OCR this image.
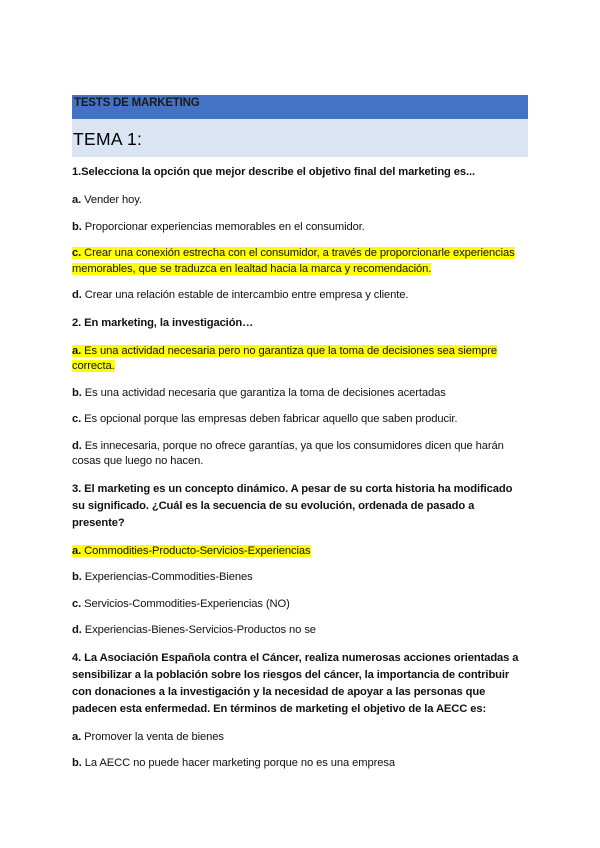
TESTS DE MARKETING
TEMA 1:
1.Selecciona la opción que mejor describe el objetivo final del marketing es...
a. Vender hoy.
b. Proporcionar experiencias memorables en el consumidor.
c. Crear una conexión estrecha con el consumidor, a través de proporcionarle experiencias memorables, que se traduzca en lealtad hacia la marca y recomendación.
d. Crear una relación estable de intercambio entre empresa y cliente.
2. En marketing, la investigación…
a. Es una actividad necesaria pero no garantiza que la toma de decisiones sea siempre correcta.
b. Es una actividad necesaria que garantiza la toma de decisiones acertadas
c. Es opcional porque las empresas deben fabricar aquello que saben producir.
d. Es innecesaria, porque no ofrece garantías, ya que los consumidores dicen que harán cosas que luego no hacen.
3. El marketing es un concepto dinámico. A pesar de su corta historia ha modificado su significado. ¿Cuál es la secuencia de su evolución, ordenada de pasado a presente?
a. Commodities-Producto-Servicios-Experiencias
b. Experiencias-Commodities-Bienes
c. Servicios-Commodities-Experiencias (NO)
d. Experiencias-Bienes-Servicios-Productos no se
4. La Asociación Española contra el Cáncer, realiza numerosas acciones orientadas a sensibilizar a la población sobre los riesgos del cáncer, la importancia de contribuir con donaciones a la investigación y la necesidad de apoyar a las personas que padecen esta enfermedad. En términos de marketing el objetivo de la AECC es:
a. Promover la venta de bienes
b. La AECC no puede hacer marketing porque no es una empresa
